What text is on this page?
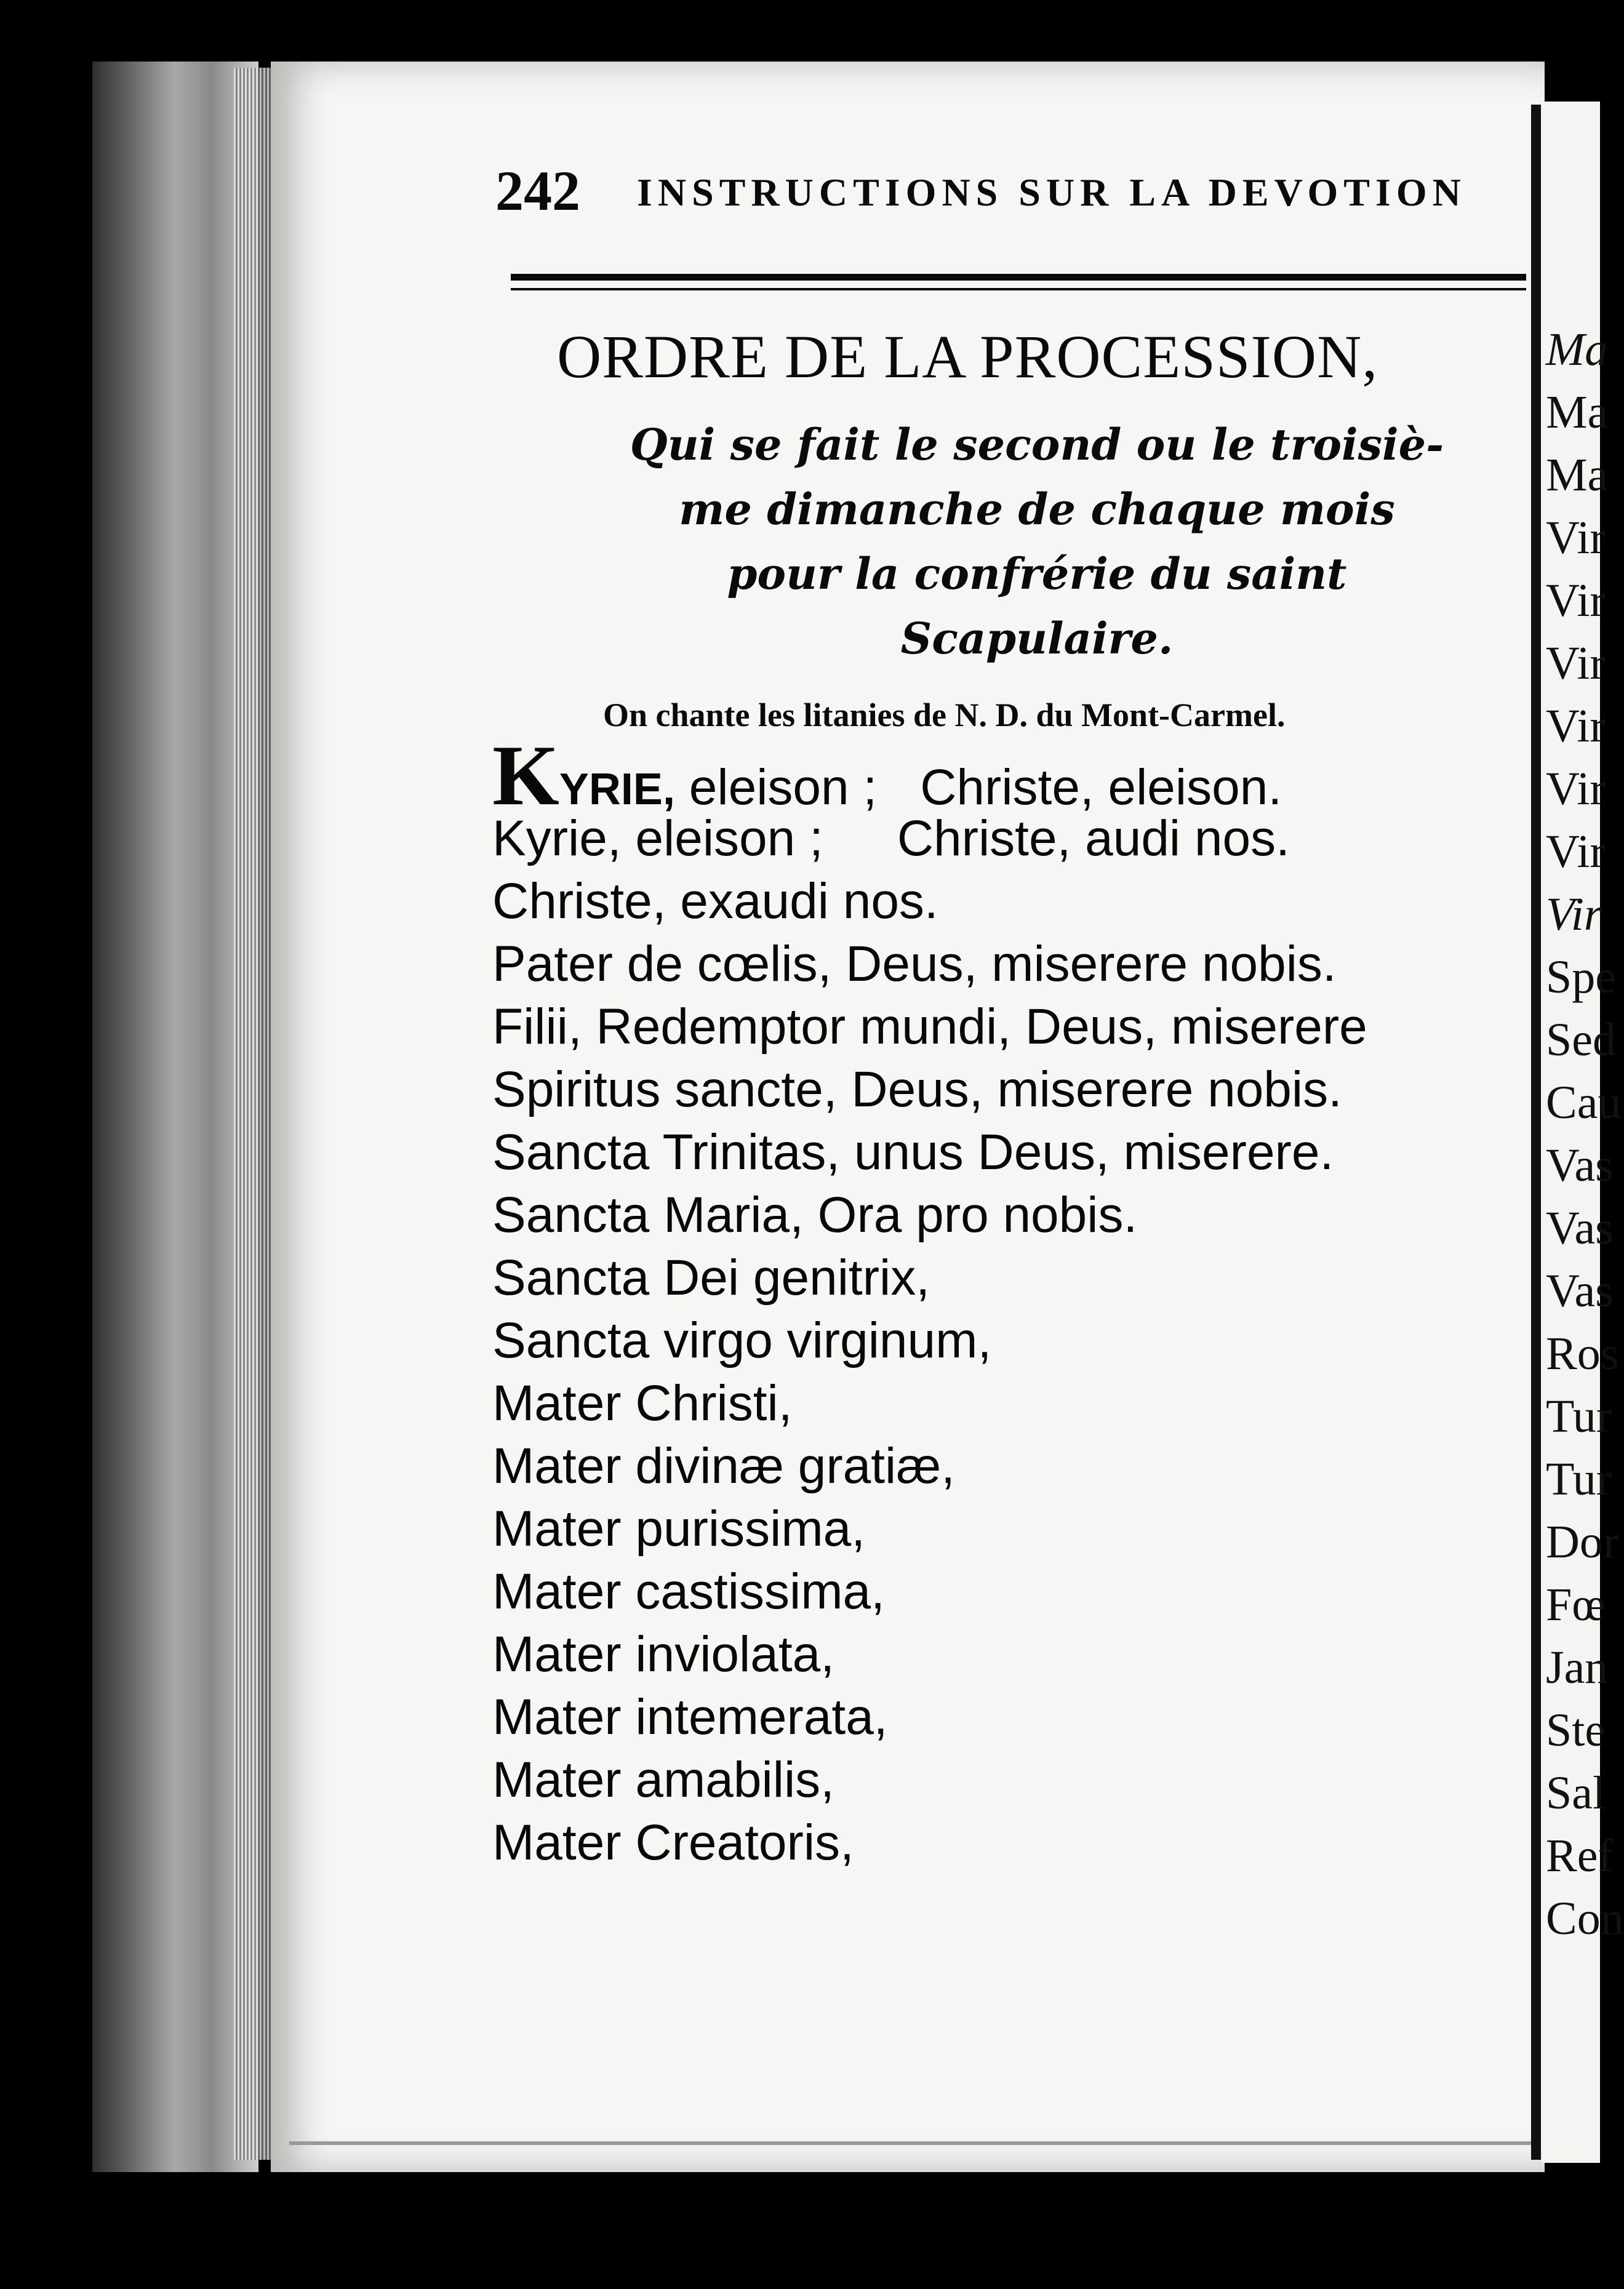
Ma
Ma
Ma
Vir
Vir
Vir
Vir
Vir
Vir
Vir
Spe
Sed
Cau
Vas
Vas
Vas
Ros
Tur
Tur
Dor
Fœ
Jan
Ste
Sal
Ref
Con
242 INSTRUCTIONS SUR LA DEVOTION
ORDRE DE LA PROCESSION,
Qui se fait le second ou le troisiè-
me dimanche de chaque mois
pour la confrérie du saint
Scapulaire.
On chante les litanies de N. D. du Mont-Carmel.
KYRIE, eleison ; Christe, eleison.
Kyrie, eleison ; Christe, audi nos.
Christe, exaudi nos.
Pater de cœlis, Deus, miserere nobis.
Filii, Redemptor mundi, Deus, miserere
Spiritus sancte, Deus, miserere nobis.
Sancta Trinitas, unus Deus, miserere.
Sancta Maria, Ora pro nobis.
Sancta Dei genitrix,
Sancta virgo virginum,
Mater Christi,
Mater divinæ gratiæ,
Mater purissima,
Mater castissima,
Mater inviolata,
Mater intemerata,
Mater amabilis,
Mater Creatoris,
